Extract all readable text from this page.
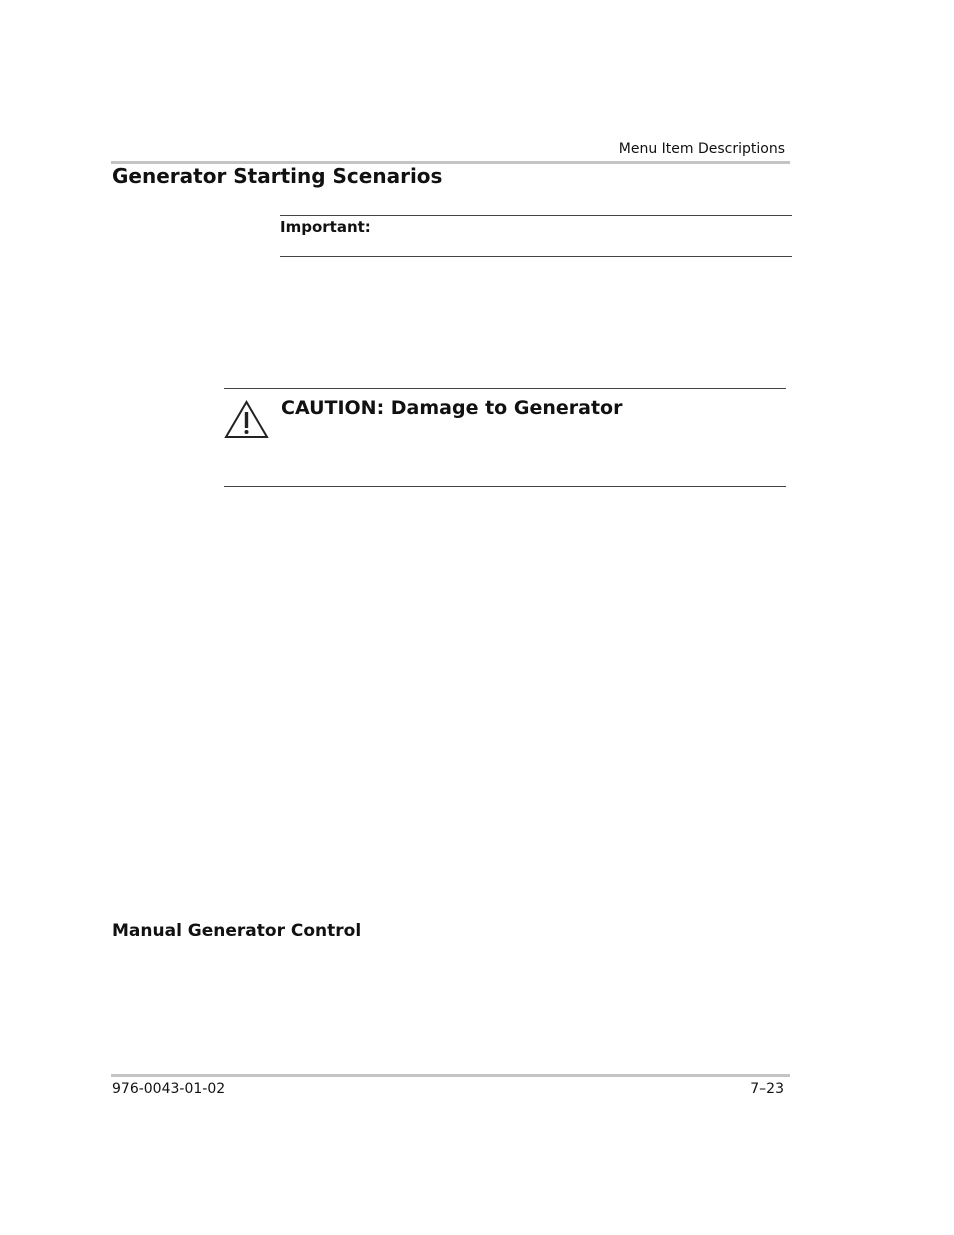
Menu Item Descriptions
Generator Starting Scenarios
Important:
CAUTION: Damage to Generator
Manual Generator Control
976-0043-01-02	7–23
